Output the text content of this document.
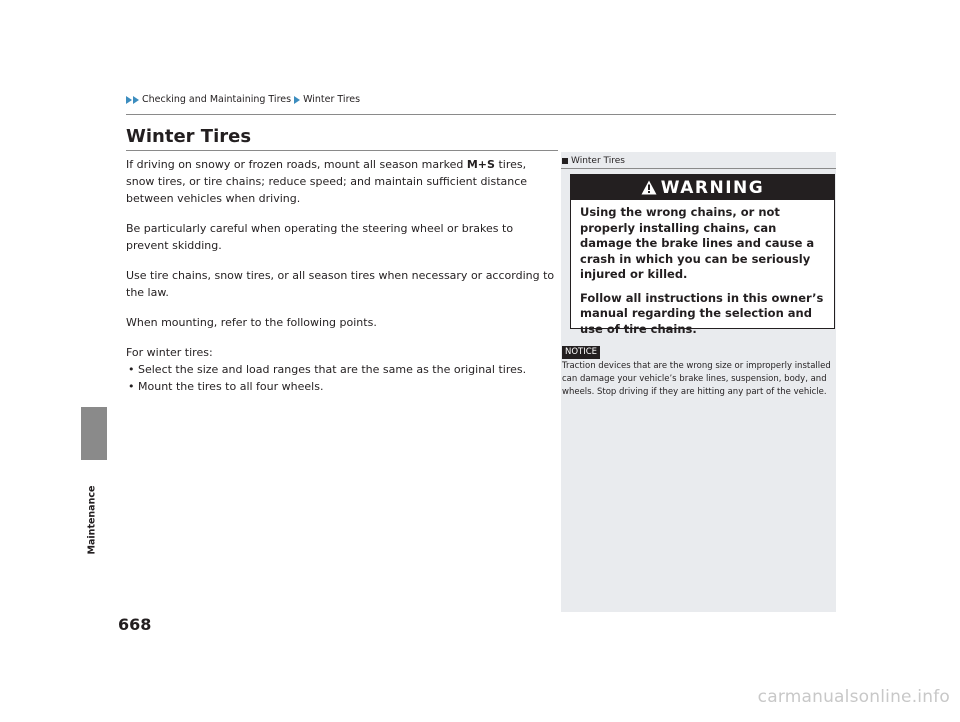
Checking and Maintaining Tires Winter Tires
Maintenance
668
Winter Tires

If driving on snowy or frozen roads, mount all season marked M+S tires, snow tires, or tire chains; reduce speed; and maintain sufficient distance between vehicles when driving.

Be particularly careful when operating the steering wheel or brakes to prevent skidding.

Use tire chains, snow tires, or all season tires when necessary or according to the law.

When mounting, refer to the following points.

For winter tires:

• Select the size and load ranges that are the same as the original tires.
• Mount the tires to all four wheels.
Winter Tires
WARNING

Using the wrong chains, or not properly installing chains, can damage the brake lines and cause a crash in which you can be seriously injured or killed.

Follow all instructions in this owner’s manual regarding the selection and use of tire chains.

NOTICE
Traction devices that are the wrong size or improperly installed can damage your vehicle’s brake lines, suspension, body, and wheels. Stop driving if they are hitting any part of the vehicle.
carmanualsonline.info
